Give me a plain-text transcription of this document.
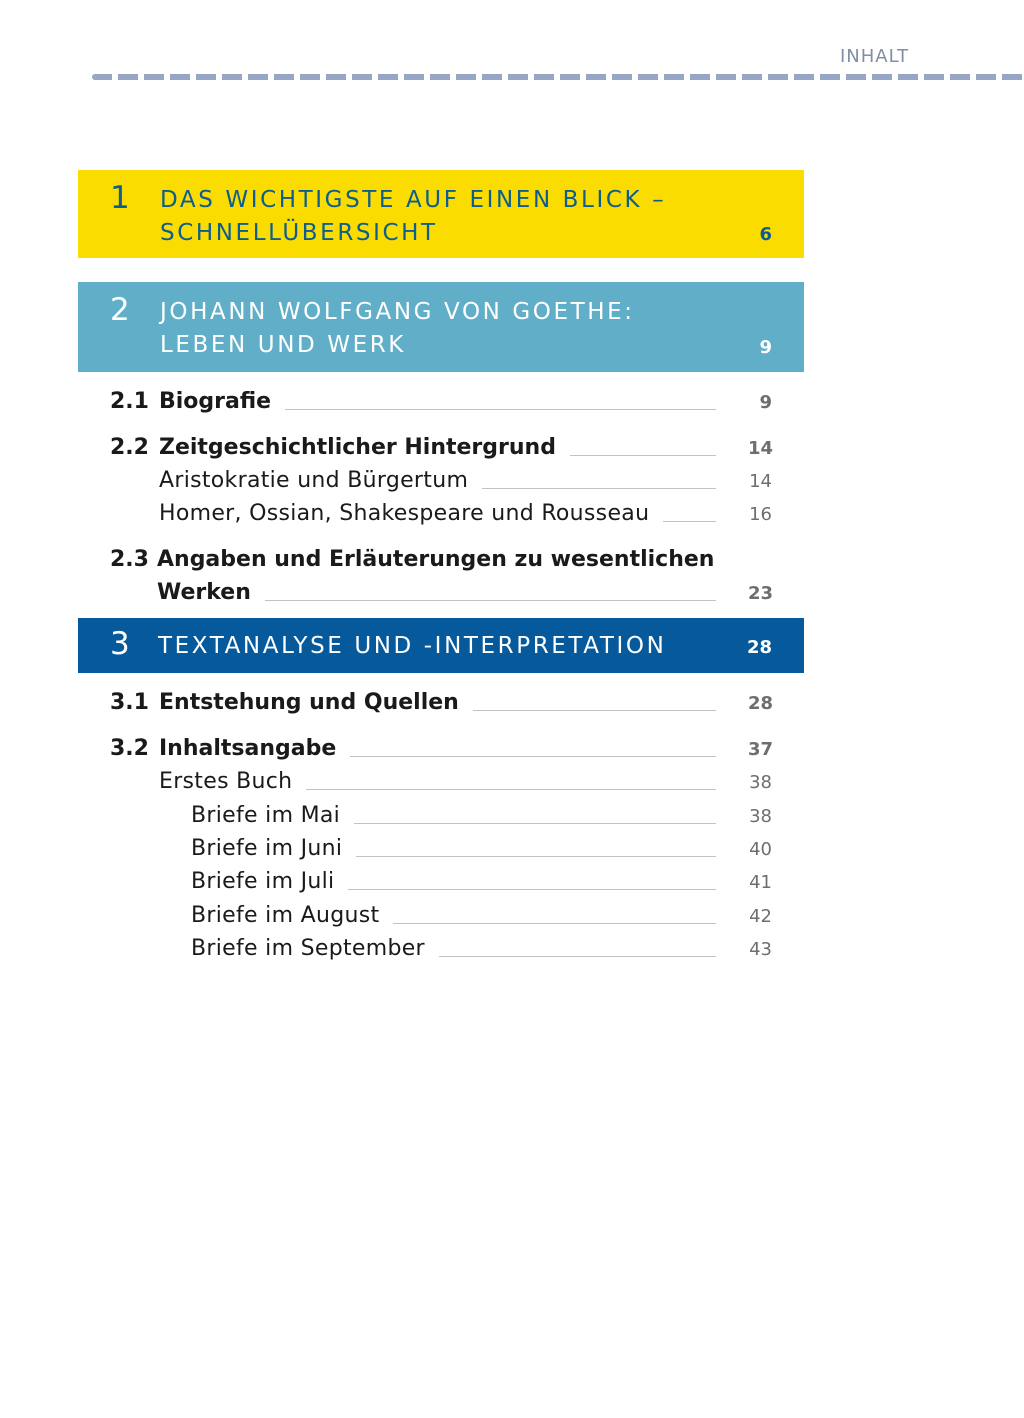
INHALT
1 DAS WICHTIGSTE AUF EINEN BLICK –
SCHNELLÜBERSICHT	6
2 JOHANN WOLFGANG VON GOETHE:
LEBEN UND WERK	9
2.1 Biografie	9
2.2 Zeitgeschichtlicher Hintergrund	14
Aristokratie und Bürgertum	14
Homer, Ossian, Shakespeare und Rousseau	16
2.3 Angaben und Erläuterungen zu wesentlichen
Werken	23
3 TEXTANALYSE UND -INTERPRETATION	28
3.1 Entstehung und Quellen	28
3.2 Inhaltsangabe	37
Erstes Buch	38
Briefe im Mai	38
Briefe im Juni	40
Briefe im Juli	41
Briefe im August	42
Briefe im September	43
